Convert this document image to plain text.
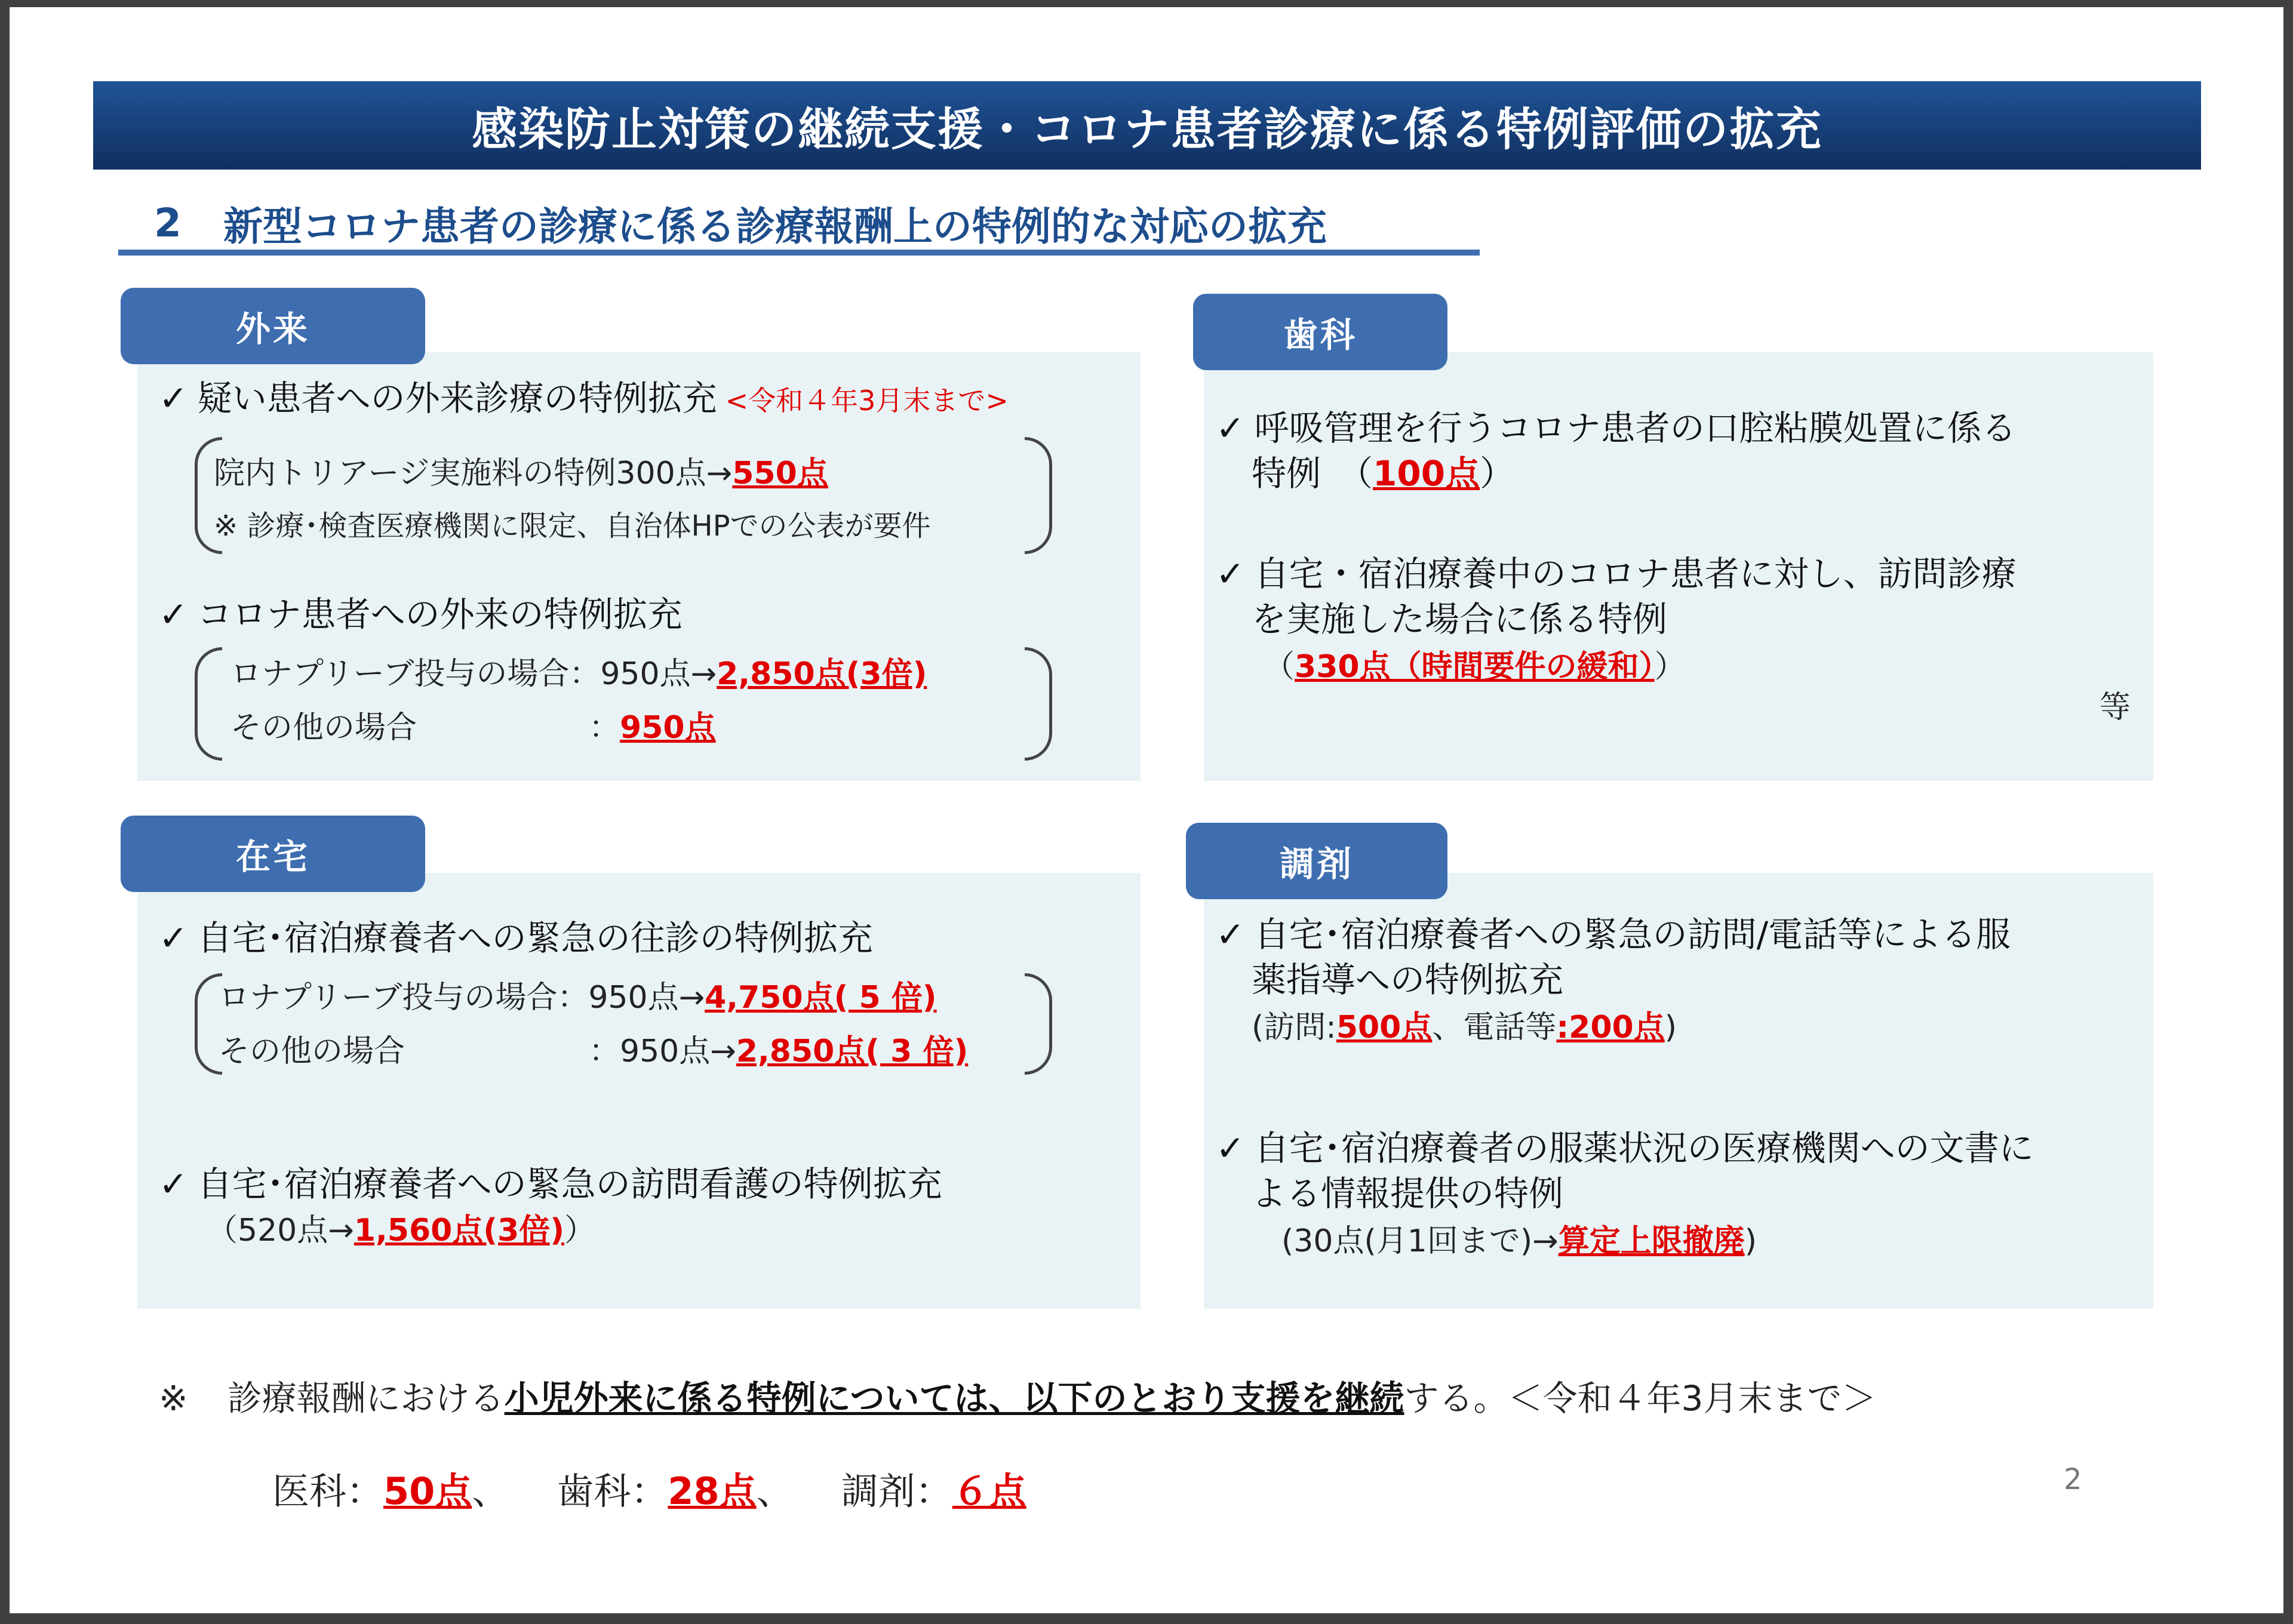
感染防止対策の継続支援・コロナ患者診療に係る特例評価の拡充
2 新型コロナ患者の診療に係る診療報酬上の特例的な対応の拡充
外来
✓ 疑い患者への外来診療の特例拡充 <令和４年3月末まで>
院内トリアージ実施料の特例300点→550点
※ 診療･検査医療機関に限定、自治体HPでの公表が要件
✓ コロナ患者への外来の特例拡充
ロナプリーブ投与の場合：950点→2,850点(3倍)
その他の場合	：950点
歯科
✓ 呼吸管理を行うコロナ患者の口腔粘膜処置に係る
特例　（100点）
✓ 自宅・宿泊療養中のコロナ患者に対し、訪問診療
を実施した場合に係る特例
（330点（時間要件の緩和））
等
在宅
✓ 自宅･宿泊療養者への緊急の往診の特例拡充
ロナプリーブ投与の場合：950点→4,750点( 5 倍)
その他の場合	：950点→2,850点( 3 倍)
✓ 自宅･宿泊療養者への緊急の訪問看護の特例拡充
（520点→1,560点(3倍)）
調剤
✓ 自宅･宿泊療養者への緊急の訪問/電話等による服
薬指導への特例拡充
(訪問:500点、電話等:200点)
✓ 自宅･宿泊療養者の服薬状況の医療機関への文書に
よる情報提供の特例
(30点(月1回まで)→算定上限撤廃)
※ 診療報酬における小児外来に係る特例については、以下のとおり支援を継続する。＜令和４年3月末まで＞
医科：50点、 歯科：28点、 調剤：６点	2
